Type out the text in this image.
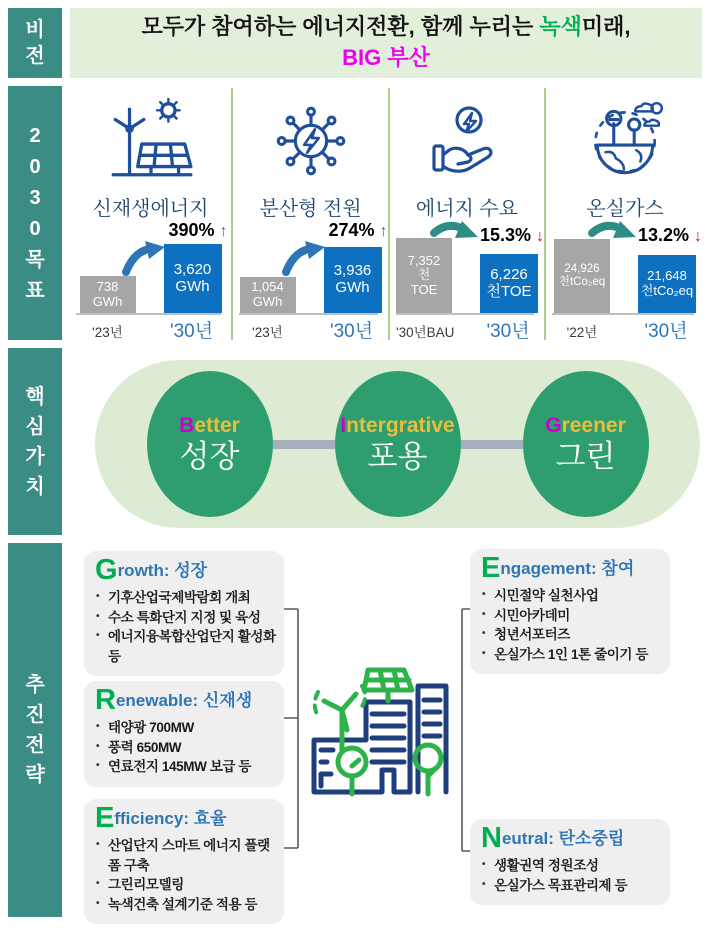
비
전
2
0
3
0
목
표
핵
심
가
치
추
진
전
략
모두가 참여하는 에너지전환, 함께 누리는 녹색미래,
BIG 부산
신재생에너지
738
GWh
3,620
GWh
390% ↑
'23년	'30년
분산형 전원
1,054
GWh
3,936
GWh
274% ↑
'23년	'30년
에너지 수요
7,352
천
TOE
6,226
천TOE
15.3% ↓
'30년BAU	'30년
온실가스
24,926
천tCo₂eq	21,648
천tCo₂eq
13.2% ↓
'22년	'30년
Better
성장
Intergrative
포용
Greener
그린
Growth: 성장
• 기후산업국제박람회 개최
• 수소 특화단지 지정 및 육성
• 에너지융복합산업단지 활성화 등
Renewable: 신재생
• 태양광 700MW
• 풍력 650MW
• 연료전지 145MW 보급 등
Efficiency: 효율
• 산업단지 스마트 에너지 플랫폼 구축
• 그린리모델링
• 녹색건축 설계기준 적용 등
Engagement: 참여
• 시민절약 실천사업
• 시민아카데미
• 청년서포터즈
• 온실가스 1인 1톤 줄이기 등
Neutral: 탄소중립
• 생활권역 정원조성
• 온실가스 목표관리제 등
